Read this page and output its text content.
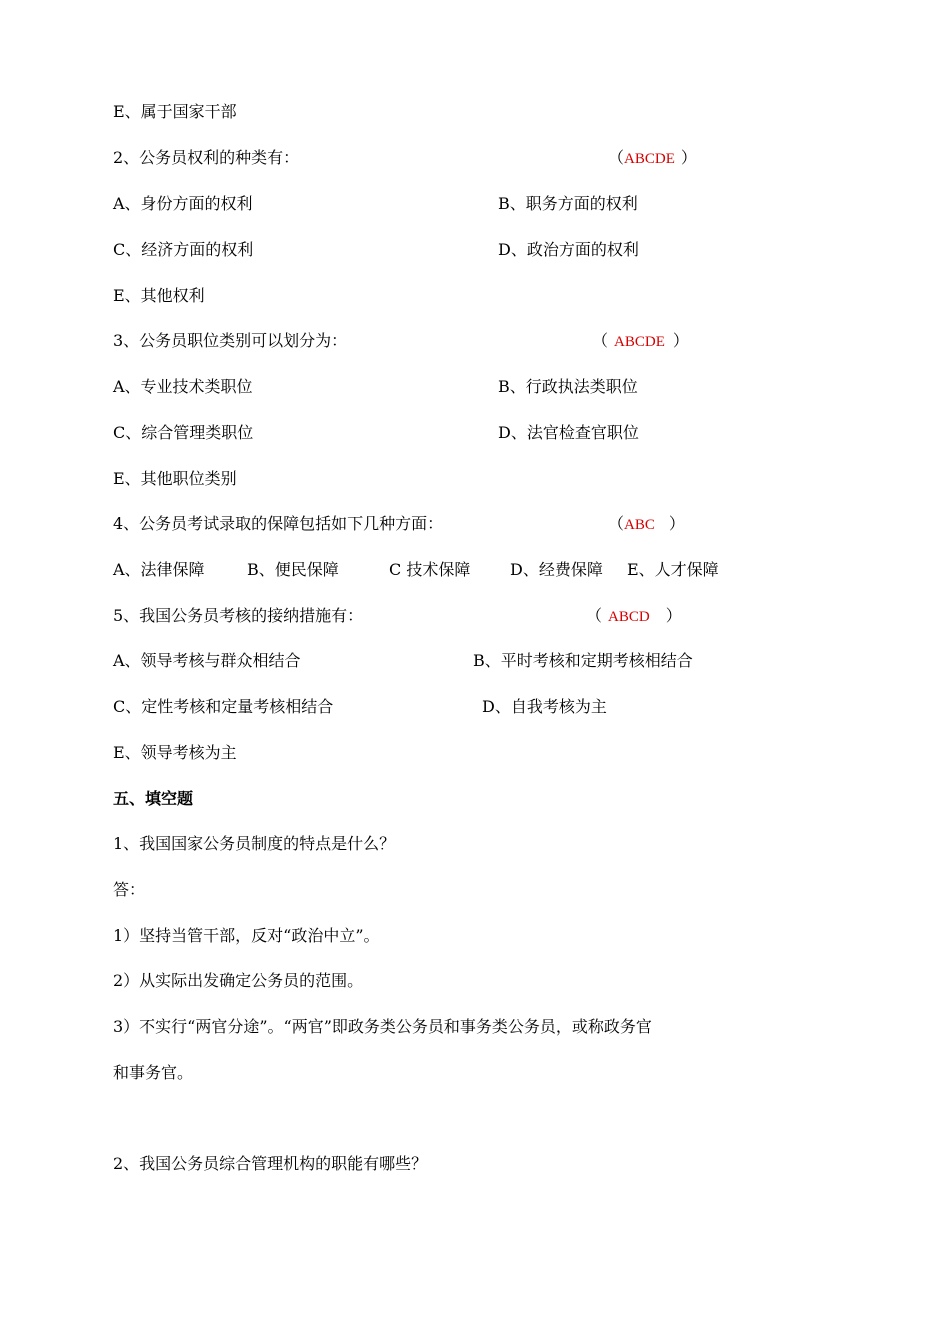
E、属于国家干部
2、公务员权利的种类有：	（ABCDE ）
A、身份方面的权利	B、职务方面的权利
C、经济方面的权利	D、政治方面的权利
E、其他权利
3、公务员职位类别可以划分为：	（ ABCDE ）
A、专业技术类职位	B、行政执法类职位
C、综合管理类职位	D、法官检查官职位
E、其他职位类别
4、公务员考试录取的保障包括如下几种方面：	（ABC ）
A、法律保障	B、便民保障	C 技术保障 D、经费保障 E、人才保障
5、我国公务员考核的接纳措施有：	（ ABCD ）
A、领导考核与群众相结合	B、平时考核和定期考核相结合
C、定性考核和定量考核相结合	D、自我考核为主
E、领导考核为主
五、填空题
1、我国国家公务员制度的特点是什么？
答：
1）坚持当管干部，反对“政治中立”。
2）从实际出发确定公务员的范围。
3）不实行“两官分途”。“两官”即政务类公务员和事务类公务员，或称政务官
和事务官。
2、我国公务员综合管理机构的职能有哪些？
